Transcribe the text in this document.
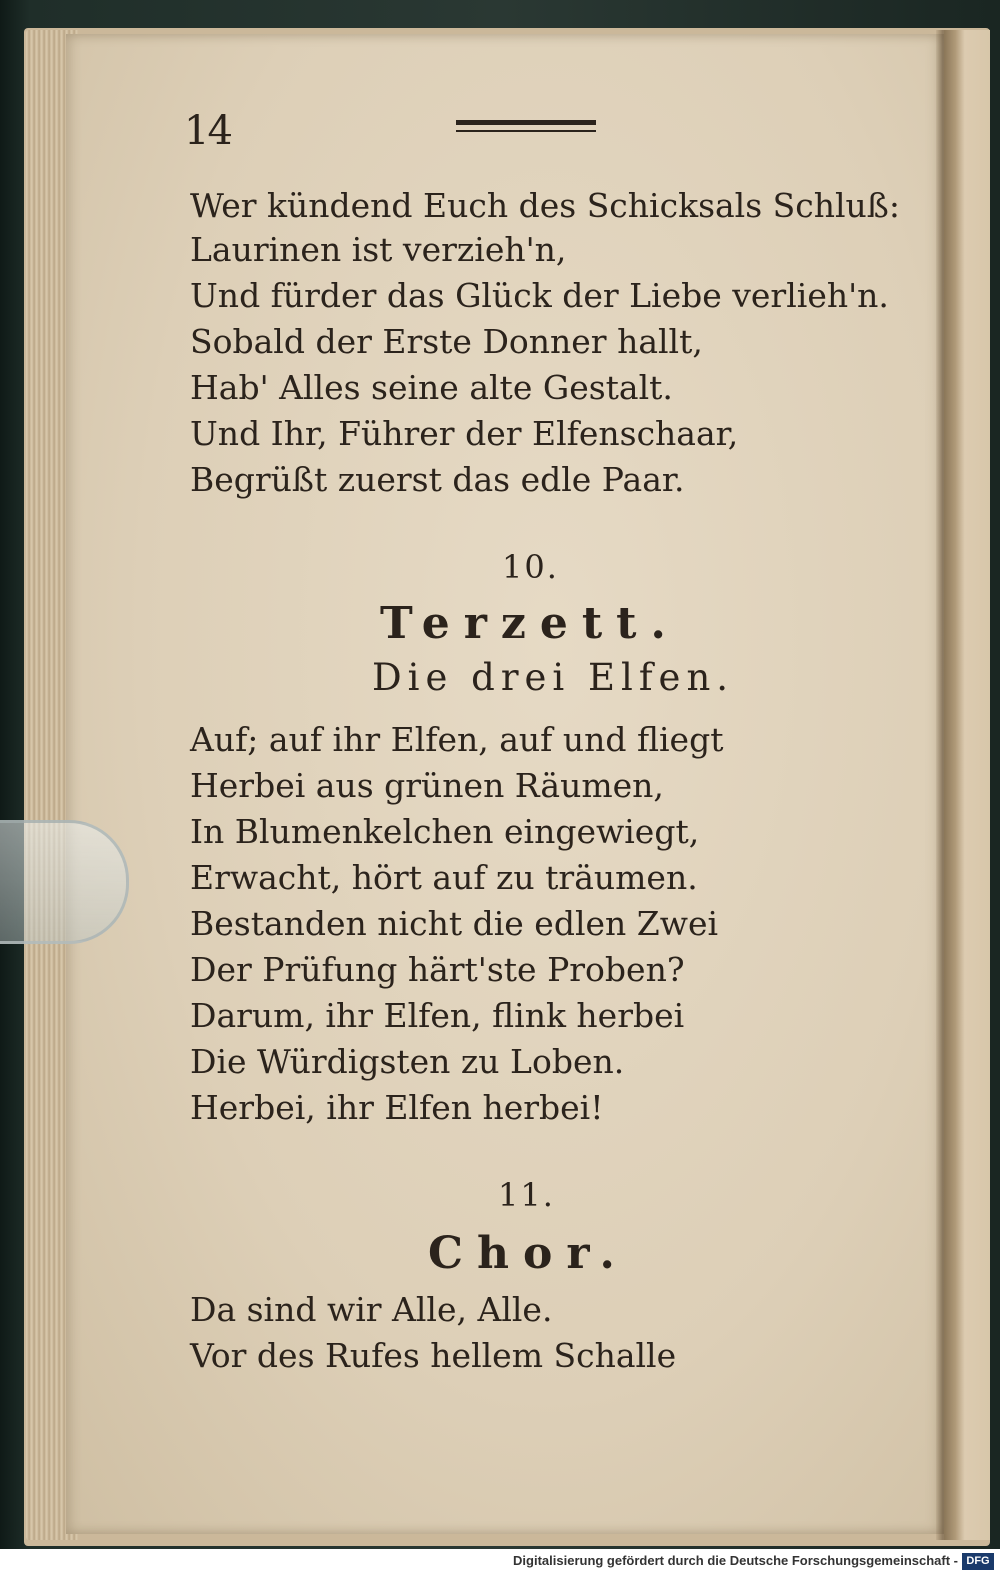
14
Wer kündend Euch des Schicksals Schluß:
Laurinen ist verzieh'n,
Und fürder das Glück der Liebe verlieh'n.
Sobald der Erste Donner hallt,
Hab' Alles seine alte Gestalt.
Und Ihr, Führer der Elfenschaar,
Begrüßt zuerst das edle Paar.
10.
Terzett.
Die drei Elfen.
Auf; auf ihr Elfen, auf und fliegt
Herbei aus grünen Räumen,
In Blumenkelchen eingewiegt,
Erwacht, hört auf zu träumen.
Bestanden nicht die edlen Zwei
Der Prüfung härt'ste Proben?
Darum, ihr Elfen, flink herbei
Die Würdigsten zu Loben.
Herbei, ihr Elfen herbei!
11.
Chor.
Da sind wir Alle, Alle.
Vor des Rufes hellem Schalle
Digitalisierung gefördert durch die Deutsche Forschungsgemeinschaft - DFG
